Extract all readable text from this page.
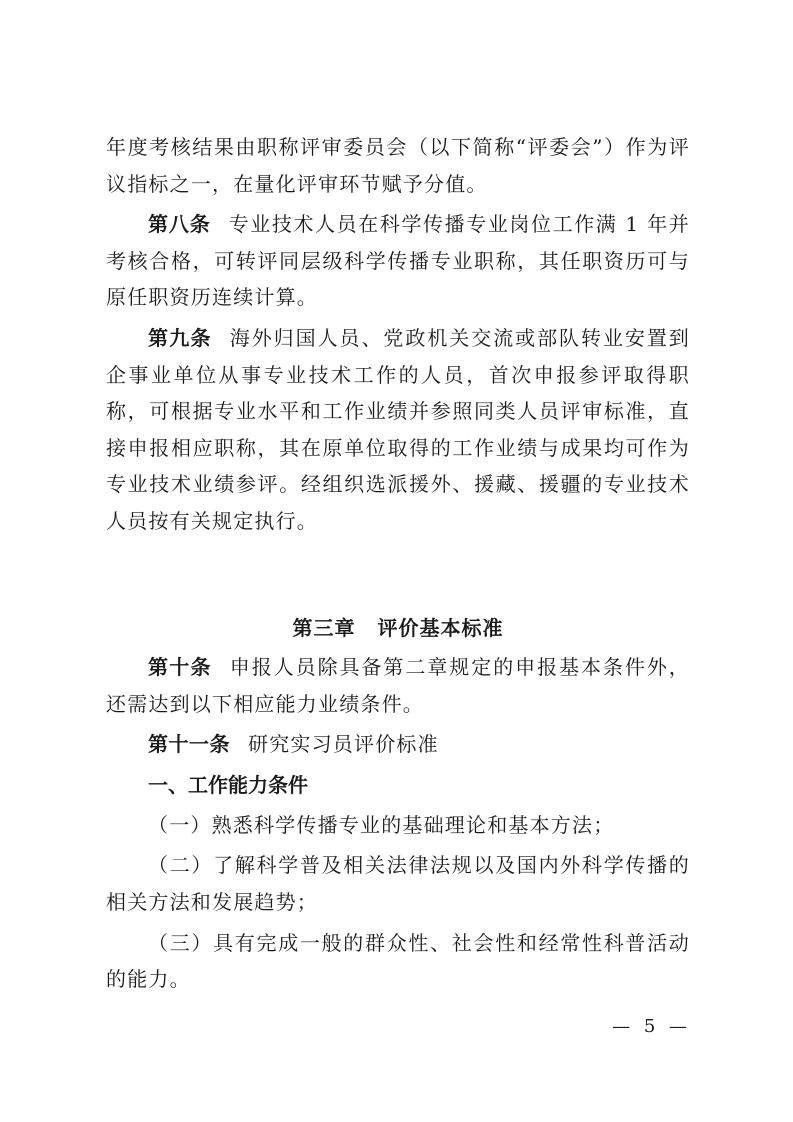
年度考核结果由职称评审委员会（以下简称“评委会”）作为评议指标之一，在量化评审环节赋予分值。

第八条 专业技术人员在科学传播专业岗位工作满 1 年并考核合格，可转评同层级科学传播专业职称，其任职资历可与原任职资历连续计算。

第九条 海外归国人员、党政机关交流或部队转业安置到企事业单位从事专业技术工作的人员，首次申报参评取得职称，可根据专业水平和工作业绩并参照同类人员评审标准，直接申报相应职称，其在原单位取得的工作业绩与成果均可作为专业技术业绩参评。经组织选派援外、援藏、援疆的专业技术人员按有关规定执行。

第三章 评价基本标准

第十条 申报人员除具备第二章规定的申报基本条件外，还需达到以下相应能力业绩条件。

第十一条 研究实习员评价标准

一、工作能力条件

（一）熟悉科学传播专业的基础理论和基本方法；

（二）了解科学普及相关法律法规以及国内外科学传播的相关方法和发展趋势；

（三）具有完成一般的群众性、社会性和经常性科普活动的能力。

— 5 —
